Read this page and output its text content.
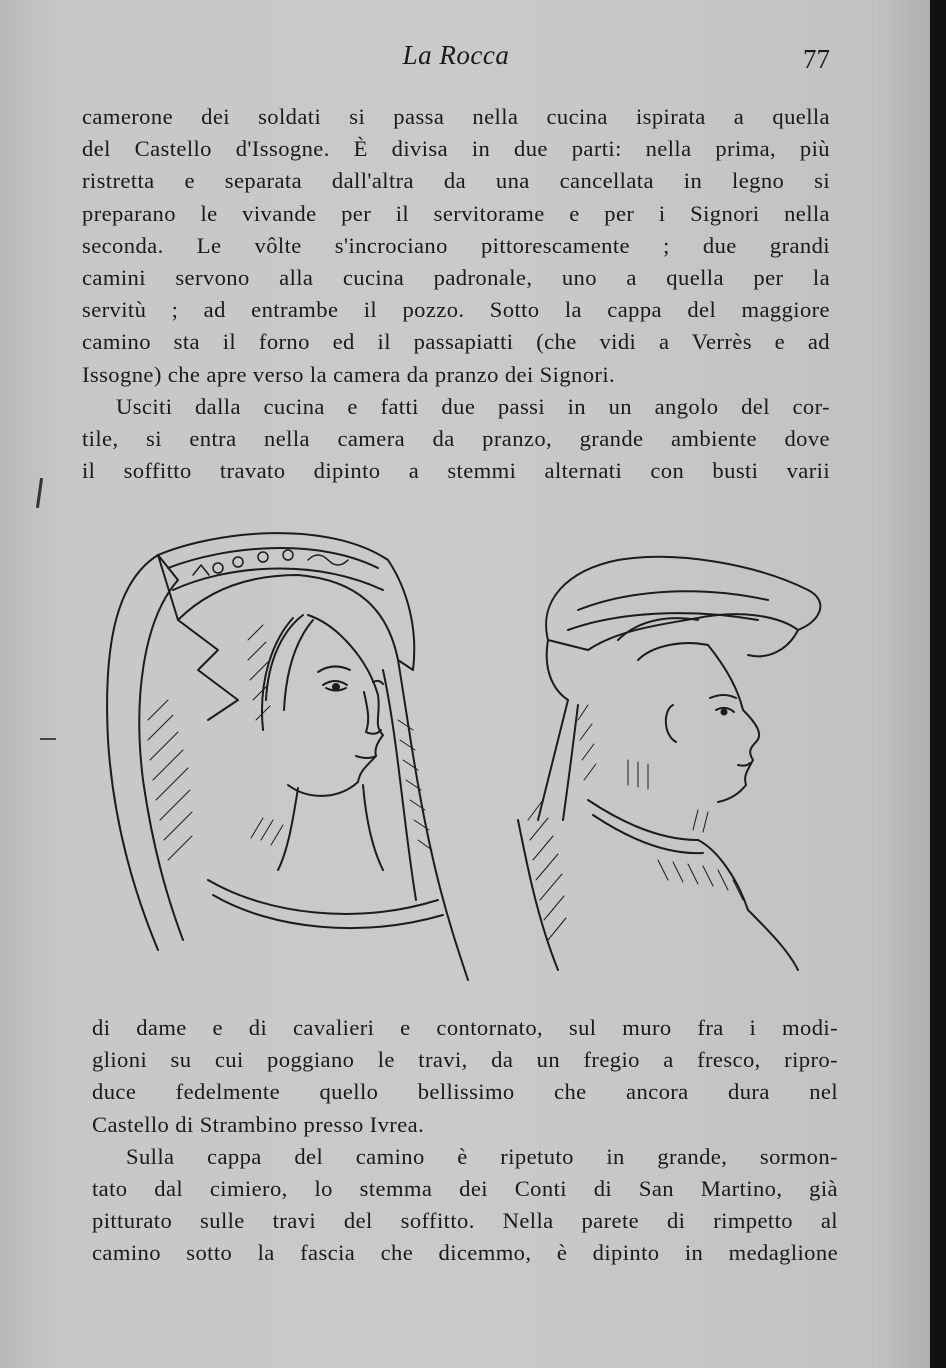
La Rocca	77

camerone dei soldati si passa nella cucina ispirata a quella
del Castello d'Issogne. È divisa in due parti: nella prima, più
ristretta e separata dall'altra da una cancellata in legno si
preparano le vivande per il servitorame e per i Signori nella
seconda. Le vôlte s'incrociano pittorescamente ; due grandi
camini servono alla cucina padronale, uno a quella per la
servitù ; ad entrambe il pozzo. Sotto la cappa del maggiore
camino sta il forno ed il passapiatti (che vidi a Verrès e ad

Issogne) che apre verso la camera da pranzo dei Signori.

Usciti dalla cucina e fatti due passi in un angolo del cor-
tile, si entra nella camera da pranzo, grande ambiente dove
il soffitto travato dipinto a stemmi alternati con busti varii

di dame e di cavalieri e contornato, sul muro fra i modi-
glioni su cui poggiano le travi, da un fregio a fresco, ripro-
duce fedelmente quello bellissimo che ancora dura nel

Castello di Strambino presso Ivrea.

Sulla cappa del camino è ripetuto in grande, sormon-
tato dal cimiero, lo stemma dei Conti di San Martino, già
pitturato sulle travi del soffitto. Nella parete di rimpetto al
camino sotto la fascia che dicemmo, è dipinto in medaglione
